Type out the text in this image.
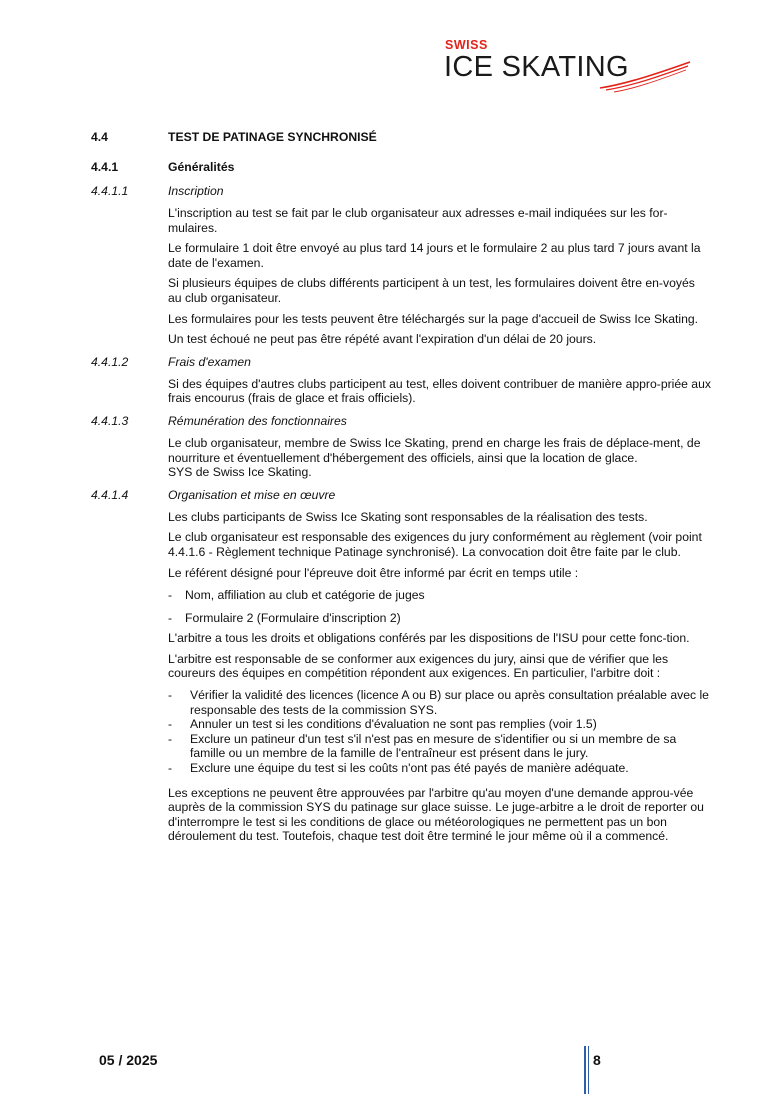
SWISS
ICE SKATING
4.4	TEST DE PATINAGE SYNCHRONISÉ
4.4.1	Généralités
4.4.1.1	Inscription
L'inscription au test se fait par le club organisateur aux adresses e-mail indiquées sur les for-mulaires.
Le formulaire 1 doit être envoyé au plus tard 14 jours et le formulaire 2 au plus tard 7 jours avant la date de l'examen.
Si plusieurs équipes de clubs différents participent à un test, les formulaires doivent être en-voyés au club organisateur.
Les formulaires pour les tests peuvent être téléchargés sur la page d'accueil de Swiss Ice Skating.
Un test échoué ne peut pas être répété avant l'expiration d'un délai de 20 jours.
4.4.1.2	Frais d'examen
Si des équipes d'autres clubs participent au test, elles doivent contribuer de manière appro-priée aux frais encourus (frais de glace et frais officiels).
4.4.1.3	Rémunération des fonctionnaires
Le club organisateur, membre de Swiss Ice Skating, prend en charge les frais de déplace-ment, de nourriture et éventuellement d'hébergement des officiels, ainsi que la location de glace.
SYS de Swiss Ice Skating.
4.4.1.4	Organisation et mise en œuvre
Les clubs participants de Swiss Ice Skating sont responsables de la réalisation des tests.
Le club organisateur est responsable des exigences du jury conformément au règlement (voir point 4.4.1.6 - Règlement technique Patinage synchronisé). La convocation doit être faite par le club.
Le référent désigné pour l'épreuve doit être informé par écrit en temps utile :
- Nom, affiliation au club et catégorie de juges
- Formulaire 2 (Formulaire d'inscription 2)
L'arbitre a tous les droits et obligations conférés par les dispositions de l'ISU pour cette fonc-tion.
L'arbitre est responsable de se conformer aux exigences du jury, ainsi que de vérifier que les coureurs des équipes en compétition répondent aux exigences. En particulier, l'arbitre doit :
- Vérifier la validité des licences (licence A ou B) sur place ou après consultation préalable avec le responsable des tests de la commission SYS.
- Annuler un test si les conditions d'évaluation ne sont pas remplies (voir 1.5)
- Exclure un patineur d'un test s'il n'est pas en mesure de s'identifier ou si un membre de sa famille ou un membre de la famille de l'entraîneur est présent dans le jury.
- Exclure une équipe du test si les coûts n'ont pas été payés de manière adéquate.
Les exceptions ne peuvent être approuvées par l'arbitre qu'au moyen d'une demande approu-vée auprès de la commission SYS du patinage sur glace suisse. Le juge-arbitre a le droit de reporter ou d'interrompre le test si les conditions de glace ou météorologiques ne permettent pas un bon déroulement du test. Toutefois, chaque test doit être terminé le jour même où il a commencé.
05 / 2025	8
